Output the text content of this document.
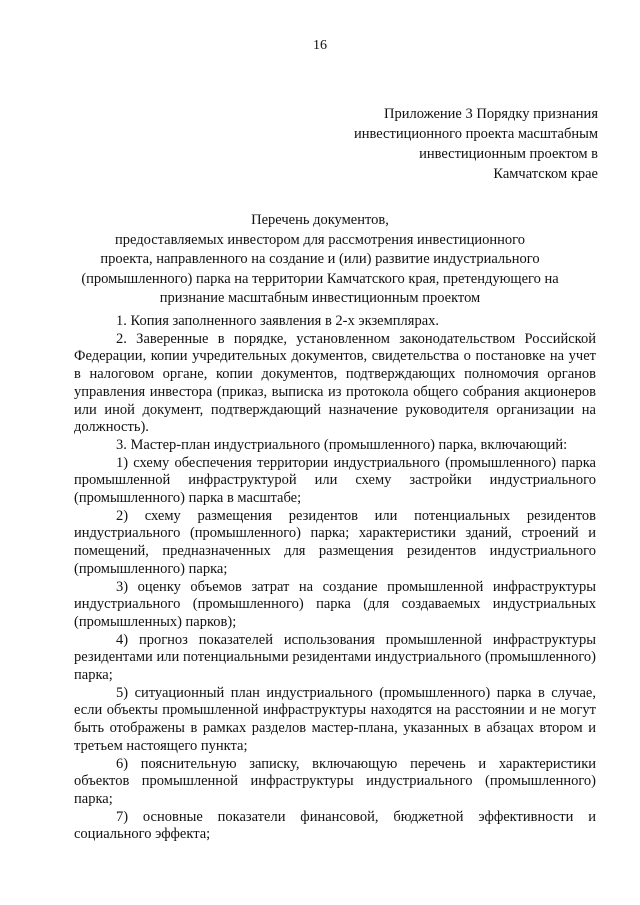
16
Приложение 3 Порядку признания
инвестиционного проекта масштабным
инвестиционным проектом в
Камчатском крае
Перечень документов,
предоставляемых инвестором для рассмотрения инвестиционного
проекта, направленного на создание и (или) развитие индустриального
(промышленного) парка на территории Камчатского края, претендующего на
признание масштабным инвестиционным проектом

1. Копия заполненного заявления в 2-х экземплярах.

2. Заверенные в порядке, установленном законодательством Российской Федерации, копии учредительных документов, свидетельства о постановке на учет в налоговом органе, копии документов, подтверждающих полномочия органов управления инвестора (приказ, выписка из протокола общего собрания акционеров или иной документ, подтверждающий назначение руководителя организации на должность).

3. Мастер-план индустриального (промышленного) парка, включающий:

1) схему обеспечения территории индустриального (промышленного) парка промышленной инфраструктурой или схему застройки индустриального (промышленного) парка в масштабе;

2) схему размещения резидентов или потенциальных резидентов индустриального (промышленного) парка; характеристики зданий, строений и помещений, предназначенных для размещения резидентов индустриального (промышленного) парка;

3) оценку объемов затрат на создание промышленной инфраструктуры индустриального (промышленного) парка (для создаваемых индустриальных (промышленных) парков);

4) прогноз показателей использования промышленной инфраструктуры резидентами или потенциальными резидентами индустриального (промышленного) парка;

5) ситуационный план индустриального (промышленного) парка в случае, если объекты промышленной инфраструктуры находятся на расстоянии и не могут быть отображены в рамках разделов мастер-плана, указанных в абзацах втором и третьем настоящего пункта;

6) пояснительную записку, включающую перечень и характеристики объектов промышленной инфраструктуры индустриального (промышленного) парка;

7) основные показатели финансовой, бюджетной эффективности и социального эффекта;
